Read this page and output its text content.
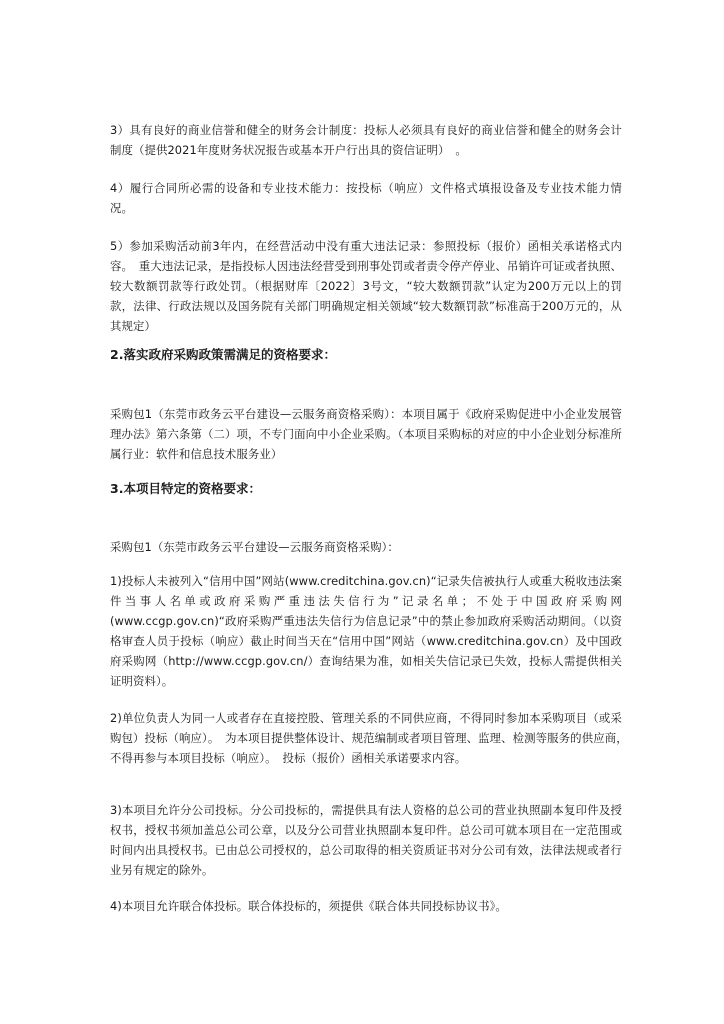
3）具有良好的商业信誉和健全的财务会计制度：投标人必须具有良好的商业信誉和健全的财务会计制度（提供2021年度财务状况报告或基本开户行出具的资信证明）　。

4）履行合同所必需的设备和专业技术能力：按投标（响应）文件格式填报设备及专业技术能力情况。

5）参加采购活动前3年内，在经营活动中没有重大违法记录：参照投标（报价）函相关承诺格式内容。　重大违法记录，是指投标人因违法经营受到刑事处罚或者责令停产停业、吊销许可证或者执照、较大数额罚款等行政处罚。（根据财库〔2022〕3号文，“较大数额罚款”认定为200万元以上的罚款，法律、行政法规以及国务院有关部门明确规定相关领域“较大数额罚款”标准高于200万元的，从其规定）

2.落实政府采购政策需满足的资格要求：

采购包1（东莞市政务云平台建设—云服务商资格采购）：本项目属于《政府采购促进中小企业发展管理办法》第六条第（二）项，不专门面向中小企业采购。（本项目采购标的对应的中小企业划分标准所属行业：软件和信息技术服务业）

3.本项目特定的资格要求：

采购包1（东莞市政务云平台建设—云服务商资格采购）：

1)投标人未被列入“信用中国”网站(www.creditchina.gov.cn)“记录失信被执行人或重大税收违法案件当事人名单或政府采购严重违法失信行为”记录名单；不处于中国政府采购网(www.ccgp.gov.cn)“政府采购严重违法失信行为信息记录”中的禁止参加政府采购活动期间。（以资格审查人员于投标（响应）截止时间当天在“信用中国”网站（www.creditchina.gov.cn）及中国政府采购网（http://www.ccgp.gov.cn/）查询结果为准，如相关失信记录已失效，投标人需提供相关证明资料）。

2)单位负责人为同一人或者存在直接控股、管理关系的不同供应商，不得同时参加本采购项目（或采购包）投标（响应）。　为本项目提供整体设计、规范编制或者项目管理、监理、检测等服务的供应商，　不得再参与本项目投标（响应）。　投标（报价）函相关承诺要求内容。

3)本项目允许分公司投标。分公司投标的，需提供具有法人资格的总公司的营业执照副本复印件及授权书，授权书须加盖总公司公章，以及分公司营业执照副本复印件。总公司可就本项目在一定范围或时间内出具授权书。已由总公司授权的，总公司取得的相关资质证书对分公司有效，法律法规或者行业另有规定的除外。

4)本项目允许联合体投标。联合体投标的，须提供《联合体共同投标协议书》。
